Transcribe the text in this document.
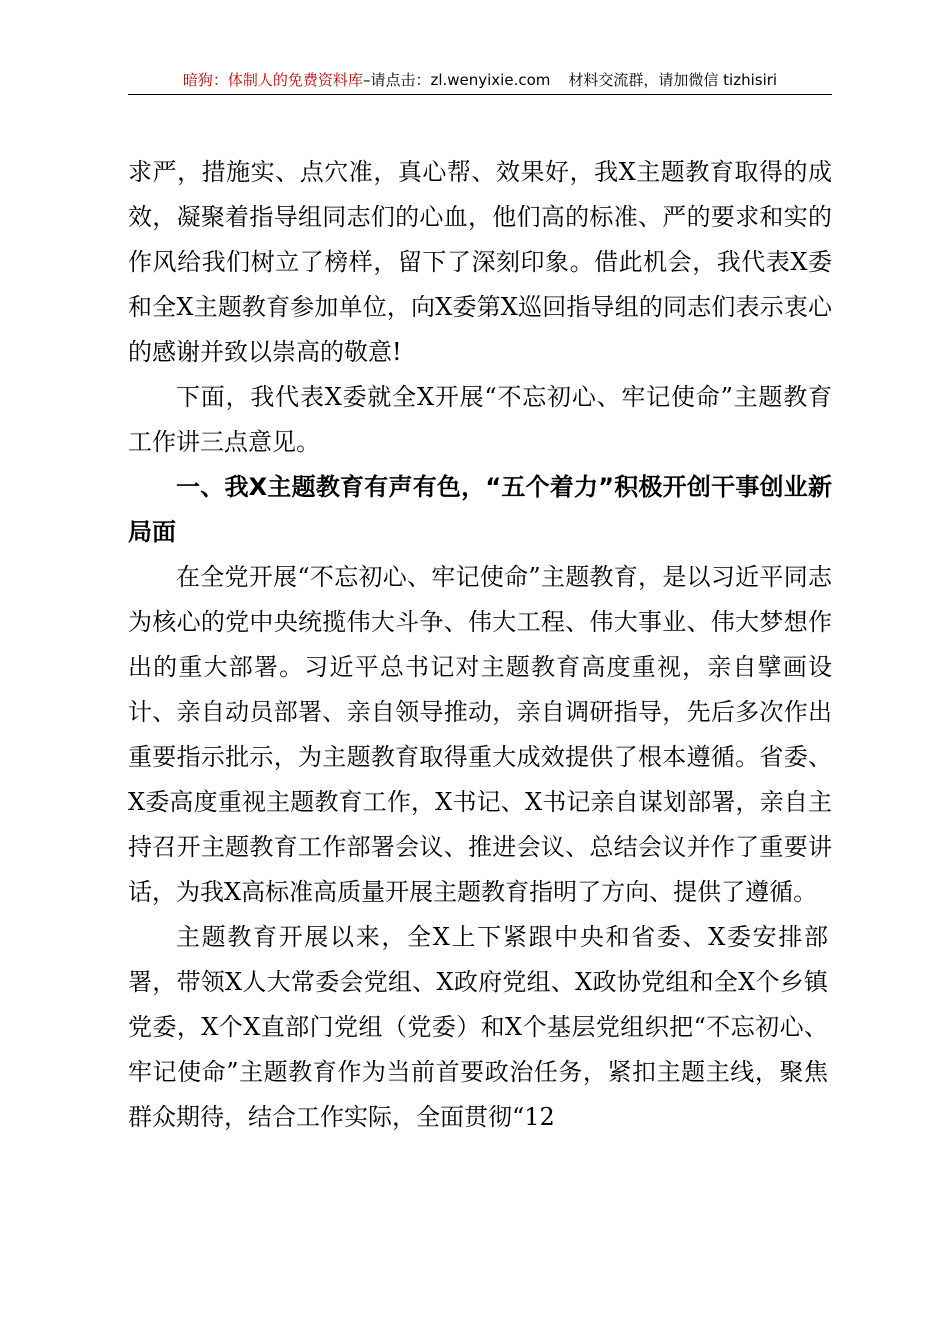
暗狗：体制人的免费资料库–请点击：zl.wenyixie.com 材料交流群，请加微信 tizhisiri

求严，措施实、点穴准，真心帮、效果好，我X主题教育取得的成效，凝聚着指导组同志们的心血，他们高的标准、严的要求和实的作风给我们树立了榜样，留下了深刻印象。借此机会，我代表X委和全X主题教育参加单位，向X委第X巡回指导组的同志们表示衷心的感谢并致以崇高的敬意!

下面，我代表X委就全X开展“不忘初心、牢记使命”主题教育工作讲三点意见。

一、我X主题教育有声有色，“五个着力”积极开创干事创业新局面

在全党开展“不忘初心、牢记使命”主题教育，是以习近平同志为核心的党中央统揽伟大斗争、伟大工程、伟大事业、伟大梦想作出的重大部署。习近平总书记对主题教育高度重视，亲自擘画设计、亲自动员部署、亲自领导推动，亲自调研指导，先后多次作出重要指示批示，为主题教育取得重大成效提供了根本遵循。省委、X委高度重视主题教育工作，X书记、X书记亲自谋划部署，亲自主持召开主题教育工作部署会议、推进会议、总结会议并作了重要讲话，为我X高标准高质量开展主题教育指明了方向、提供了遵循。

主题教育开展以来，全X上下紧跟中央和省委、X委安排部署，带领X人大常委会党组、X政府党组、X政协党组和全X个乡镇党委，X个X直部门党组（党委）和X个基层党组织把“不忘初心、牢记使命”主题教育作为当前首要政治任务，紧扣主题主线，聚焦群众期待，结合工作实际，全面贯彻“12
